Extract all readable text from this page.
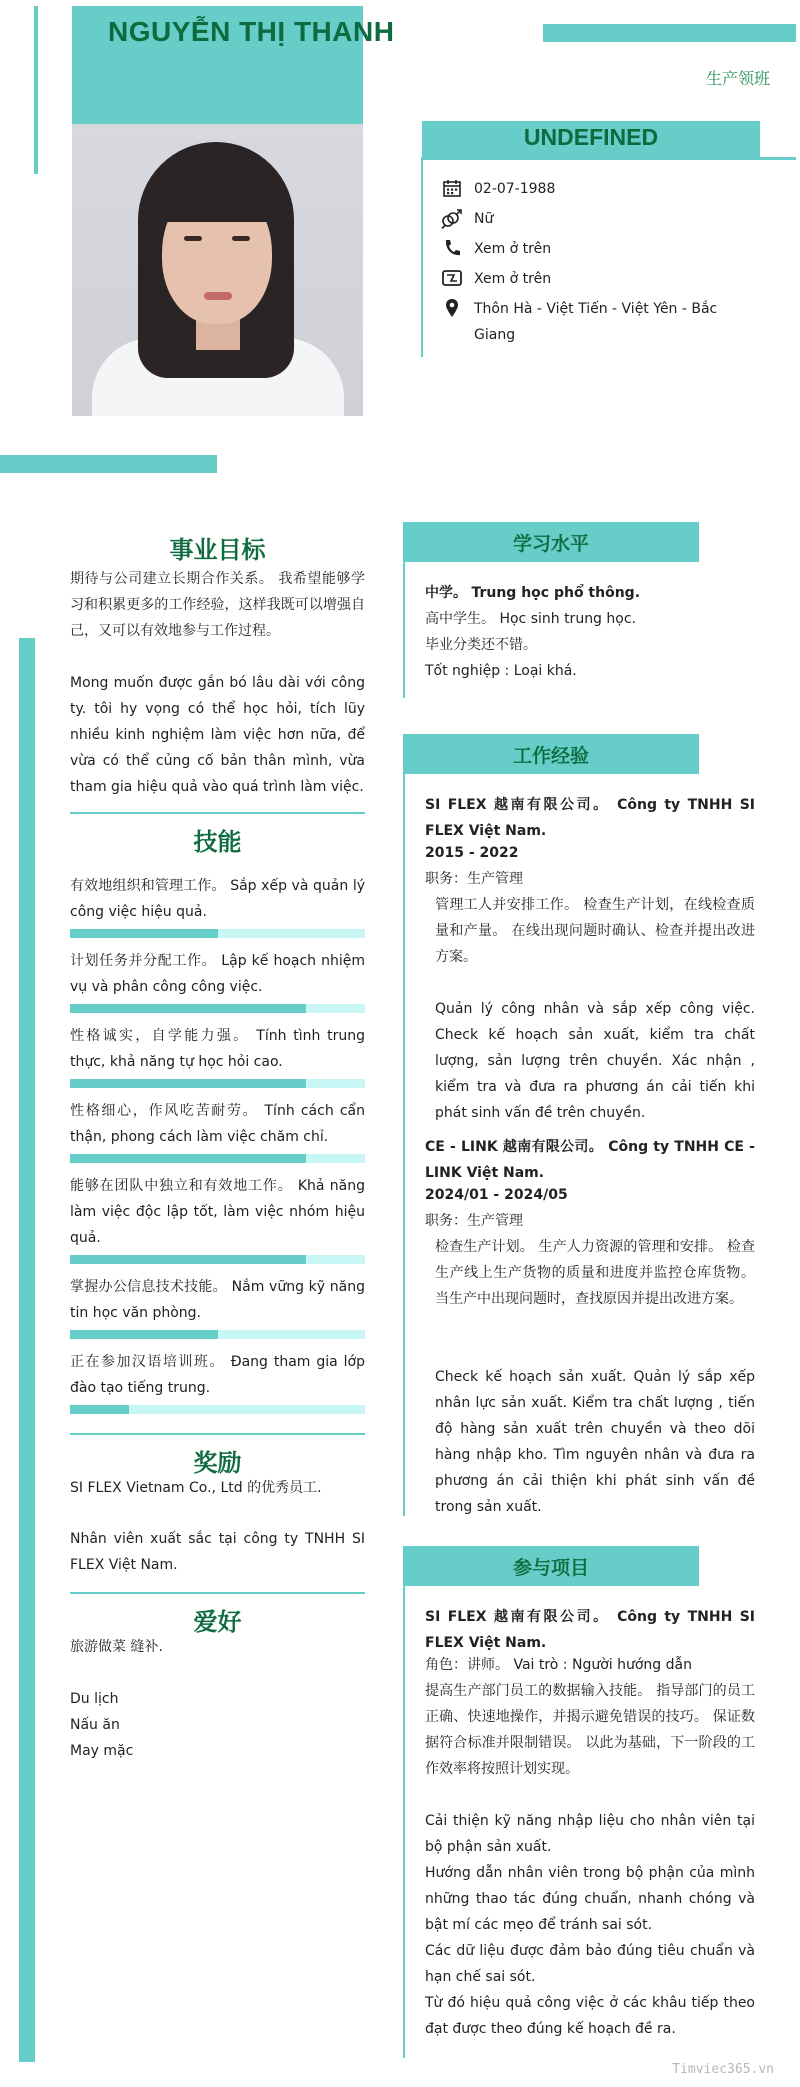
NGUYỄN THỊ THANH
生产领班
UNDEFINED
02-07-1988
Nữ
Xem ở trên
Xem ở trên
Thôn Hà - Việt Tiến - Việt Yên - Bắc Giang
事业目标
期待与公司建立长期合作关系。 我希望能够学习和积累更多的工作经验，这样我既可以增强自己，又可以有效地参与工作过程。
Mong muốn được gắn bó lâu dài với công ty. tôi hy vọng có thể học hỏi, tích lũy nhiều kinh nghiệm làm việc hơn nữa, để vừa có thể củng cố bản thân mình, vừa tham gia hiệu quả vào quá trình làm việc.
技能
有效地组织和管理工作。 Sắp xếp và quản lý công việc hiệu quả.
计划任务并分配工作。 Lập kế hoạch nhiệm vụ và phân công công việc.
性格诚实，自学能力强。 Tính tình trung thực, khả năng tự học hỏi cao.
性格细心，作风吃苦耐劳。 Tính cách cẩn thận, phong cách làm việc chăm chỉ.
能够在团队中独立和有效地工作。 Khả năng làm việc độc lập tốt, làm việc nhóm hiệu quả.
掌握办公信息技术技能。 Nắm vững kỹ năng tin học văn phòng.
正在参加汉语培训班。 Đang tham gia lớp đào tạo tiếng trung.
奖励
SI FLEX Vietnam Co., Ltd 的优秀员工.
Nhân viên xuất sắc tại công ty TNHH SI FLEX Việt Nam.
爱好
旅游做菜 缝补.
Du lịch
Nấu ăn
May mặc
学习水平
中学。 Trung học phổ thông.
高中学生。 Học sinh trung học.
毕业分类还不错。
Tốt nghiệp : Loại khá.
工作经验
SI FLEX 越南有限公司。 Công ty TNHH SI FLEX Việt Nam.
2015 - 2022
职务：生产管理
管理工人并安排工作。 检查生产计划，在线检查质量和产量。 在线出现问题时确认、检查并提出改进方案。
Quản lý công nhân và sắp xếp công việc. Check kế hoạch sản xuất, kiểm tra chất lượng, sản lượng trên chuyền. Xác nhận , kiểm tra và đưa ra phương án cải tiến khi phát sinh vấn đề trên chuyền.
CE - LINK 越南有限公司。 Công ty TNHH CE - LINK Việt Nam.
2024/01 - 2024/05
职务：生产管理
检查生产计划。 生产人力资源的管理和安排。 检查生产线上生产货物的质量和进度并监控仓库货物。 当生产中出现问题时，查找原因并提出改进方案。
Check kế hoạch sản xuất. Quản lý sắp xếp nhân lực sản xuất. Kiểm tra chất lượng , tiến độ hàng sản xuất trên chuyền và theo dõi hàng nhập kho. Tìm nguyên nhân và đưa ra phương án cải thiện khi phát sinh vấn đề trong sản xuất.
参与项目
SI FLEX 越南有限公司。 Công ty TNHH SI FLEX Việt Nam.
角色：讲师。 Vai trò : Người hướng dẫn
提高生产部门员工的数据输入技能。 指导部门的员工正确、快速地操作，并揭示避免错误的技巧。 保证数据符合标准并限制错误。 以此为基础，下一阶段的工作效率将按照计划实现。
Cải thiện kỹ năng nhập liệu cho nhân viên tại bộ phận sản xuất.
Hướng dẫn nhân viên trong bộ phận của mình những thao tác đúng chuẩn, nhanh chóng và bật mí các mẹo để tránh sai sót.
Các dữ liệu được đảm bảo đúng tiêu chuẩn và hạn chế sai sót.
Từ đó hiệu quả công việc ở các khâu tiếp theo đạt được theo đúng kế hoạch đề ra.
Timviec365.vn
